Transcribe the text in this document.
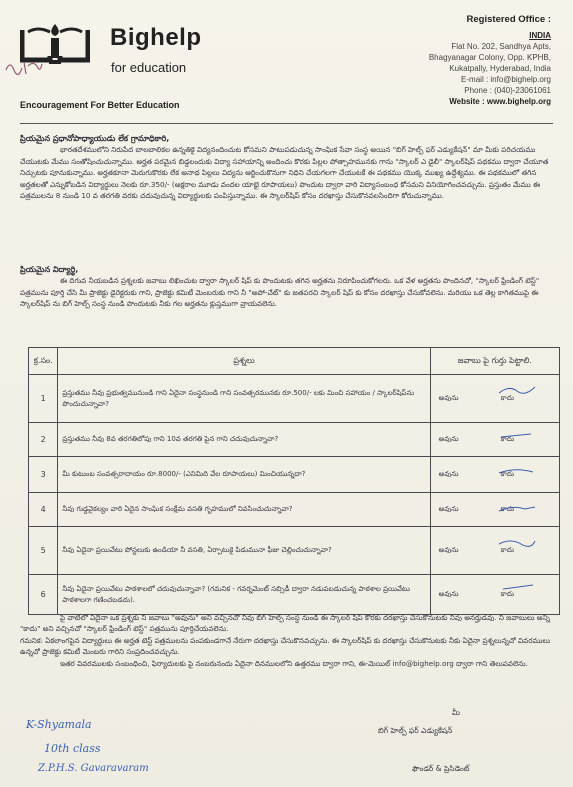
Bighelp
for education
Encouragement For Better Education
Registered Office :
INDIA
Flat No. 202, Sandhya Apts,
Bhagyanagar Colony, Opp. KPHB,
Kukatpally, Hyderabad, India
E-mail : info@bighelp.org
Phone : (040)-23061061
Website : www.bighelp.org

ప్రియమైన ప్రధానోపాధ్యాయుడు లేక గ్రామాధికారి,

భారతదేశములోని నిరుపేద బాలబాలికల ఉన్నతికై విద్యనందించుట కోసమని పాటుపడుచున్న సాంఘిక సేవా సంస్థ అయిన "బిగ్ హెల్ప్ ఫర్ ఎడ్యుకేషన్" మా మీకు పరిచయము చేయుటకు మేము సంతోషించుచున్నాము. అర్హత పరమైన బిడ్డలందుకు విద్యా సహాయాన్ని అందించు కొరకు పిల్లల పోత్సాహమునకు గాను "స్కాలర్ ఎ డైలీ" స్కాలర్‌షిప్ పథకము ద్వారా చేయూత నిచ్చుటకు పూనుకున్నాము. అర్హతకూనా మెరుగుకొరకు లేక అనాథ పిల్లలు విద్యను ఆర్జించుకొనుగా నిధిని చేయగలగా చేయుటకే ఈ పథకము యొక్క ముఖ్య ఉద్దేశ్యము. ఈ పథకములో తగిన అర్హతలతో ఎన్నుకోబడిన విద్యార్థులు నెలకు రూ.350/- (అక్షరాల మూడు వందల యాభై రూపాయలు) పొందుట ద్వారా వారి విద్యాసంబంధ కోసమని వినియోగించవచ్చును. ప్రస్తుతం మేము ఈ పత్రములను 8 నుండి 10 వ తరగతి వరకు చదువుచున్న విద్యార్థులకు పంపిస్తున్నాము. ఈ స్కాలర్‌షిప్ కోసం దరఖాస్తు చేసుకొనవలసిందిగా కోరుచున్నాము.

ప్రియమైన విద్యార్థి,

ఈ దిగువ నీయబడిన ప్రశ్నలకు జవాబు లిఖించుట ద్వారా స్కాలర్ షిప్ కు పొందుటకు తగిన అర్హతను నిరూపించుకోగలరు. ఒక వేళ అర్హతను పొందినచో, "స్కాలర్ ఫ్రేండింగ్ టెస్ట్" పత్రమును పూర్తి చేసి మీ ప్రాజెక్టు డైరెక్టరుకు గాని, ప్రాజెక్టు కమిటీ మెంబరుకు గాని నీ "అపో-చేట్" కు జతపరచి స్కాలర్ షిప్ కు కోసం దరఖాస్తు చేసుకోవలెను. మరియు ఒక తెల్ల కాగితముపై ఈ స్కాలర్‌షిప్ ను బిగ్ హెల్ప్ సంస్థ నుండి పొందుటకు నీకు గల అర్హతను క్లుప్తముగా వ్రాయవలెను.

క్ర.సం.	ప్రశ్నలు	జవాబు పై గుర్తు పెట్టాలి.
1	ప్రస్తుతము నీవు ప్రభుత్వమునుండి గాని ఏదైనా సంస్థనుండి గాని సంవత్సరమునకు రూ.500/- లకు మించి సహాయం / స్కాలర్‌షిప్‌ను పొందుచున్నావా?	అవును కాదు

2	ప్రస్తుతము నీవు 8వ తరగతిలోపు గాని 10వ తరగతి పైన గాని చదువుచున్నావా?	అవును కాదు

3	మీ కుటుంబ సంవత్సరాదాయం రూ.8000/- (ఎనిమిది వేల రూపాయలు) మించియున్నదా?	అవును కాదు

4	నీవు గుడ్డవైకల్యం వారి ఏదైన సాంఘిక సంక్షేమ వసతి గృహములో నివసించుచున్నావా?	అవును కాదు

5	నీవు ఏదైనా ప్రయివేటు పోస్టలుకు ఉండియా నీ వసతి, ఏర్పాటుకై పిడుమునా ఫీజు చెల్లించుచున్నావా?	అవును కాదు

6	నీవు ఏదైనా ప్రయివేటు పాఠశాలలో చదువుచున్నావా? (గమనిక - గవర్నమెంట్ సబ్సిడీ ద్వారా నడుపబడుచున్న పాఠశాల ప్రయివేటు పాఠశాలగా గణించబడదు).	అవును కాదు

పై వాటిలో ఏదైనా ఒక ప్రశ్నకు నీ జవాబు "అవును" అని వచ్చినచో నీవు బిగ్ హెల్ప్ సంస్థ నుండి ఈ స్కాలర్ షిప్ కొరకు దరఖాస్తు చేసుకొనుటకు నీవు అనర్హుడవు. నీ జవాబులు అన్ని "కాదు" అని వచ్చినచో "స్కాలర్ ఫ్రేండింగ్ టెస్ట్" పత్రమును పూర్తిచేయవలెను.

గమనిక: ఏకలాంగపైన విద్యార్థులు ఈ అర్హత టెస్ట్ పత్రములను పంపకుండగానే నేరుగా దరఖాస్తు చేసుకొనవచ్చును. ఈ స్కాలర్‌షిప్ కు దరఖాస్తు చేసుకొనుటకు నీకు ఏదైనా ప్రశ్నలున్నచో వివరములు ఉన్నచో ప్రాజెక్టు కమిటీ మెంబరు గారిని సంప్రదించవచ్చును.

ఇతర వివరములకు సంబంధించి, ఫిర్యాదులకు పై నంబరునందు ఏదైనా దినములలోని ఉత్తరము ద్వారా గాని, ఈ-మెయిల్ info@bighelp.org ద్వారా గాని తెలుపవలెను.

మీ
బిగ్ హెల్ప్ ఫర్ ఎడ్యుకేషన్
ఫౌండర్ & ప్రెసిడెంట్
K-Shyamala
10th class
Z.P.H.S. Gavaravaram
